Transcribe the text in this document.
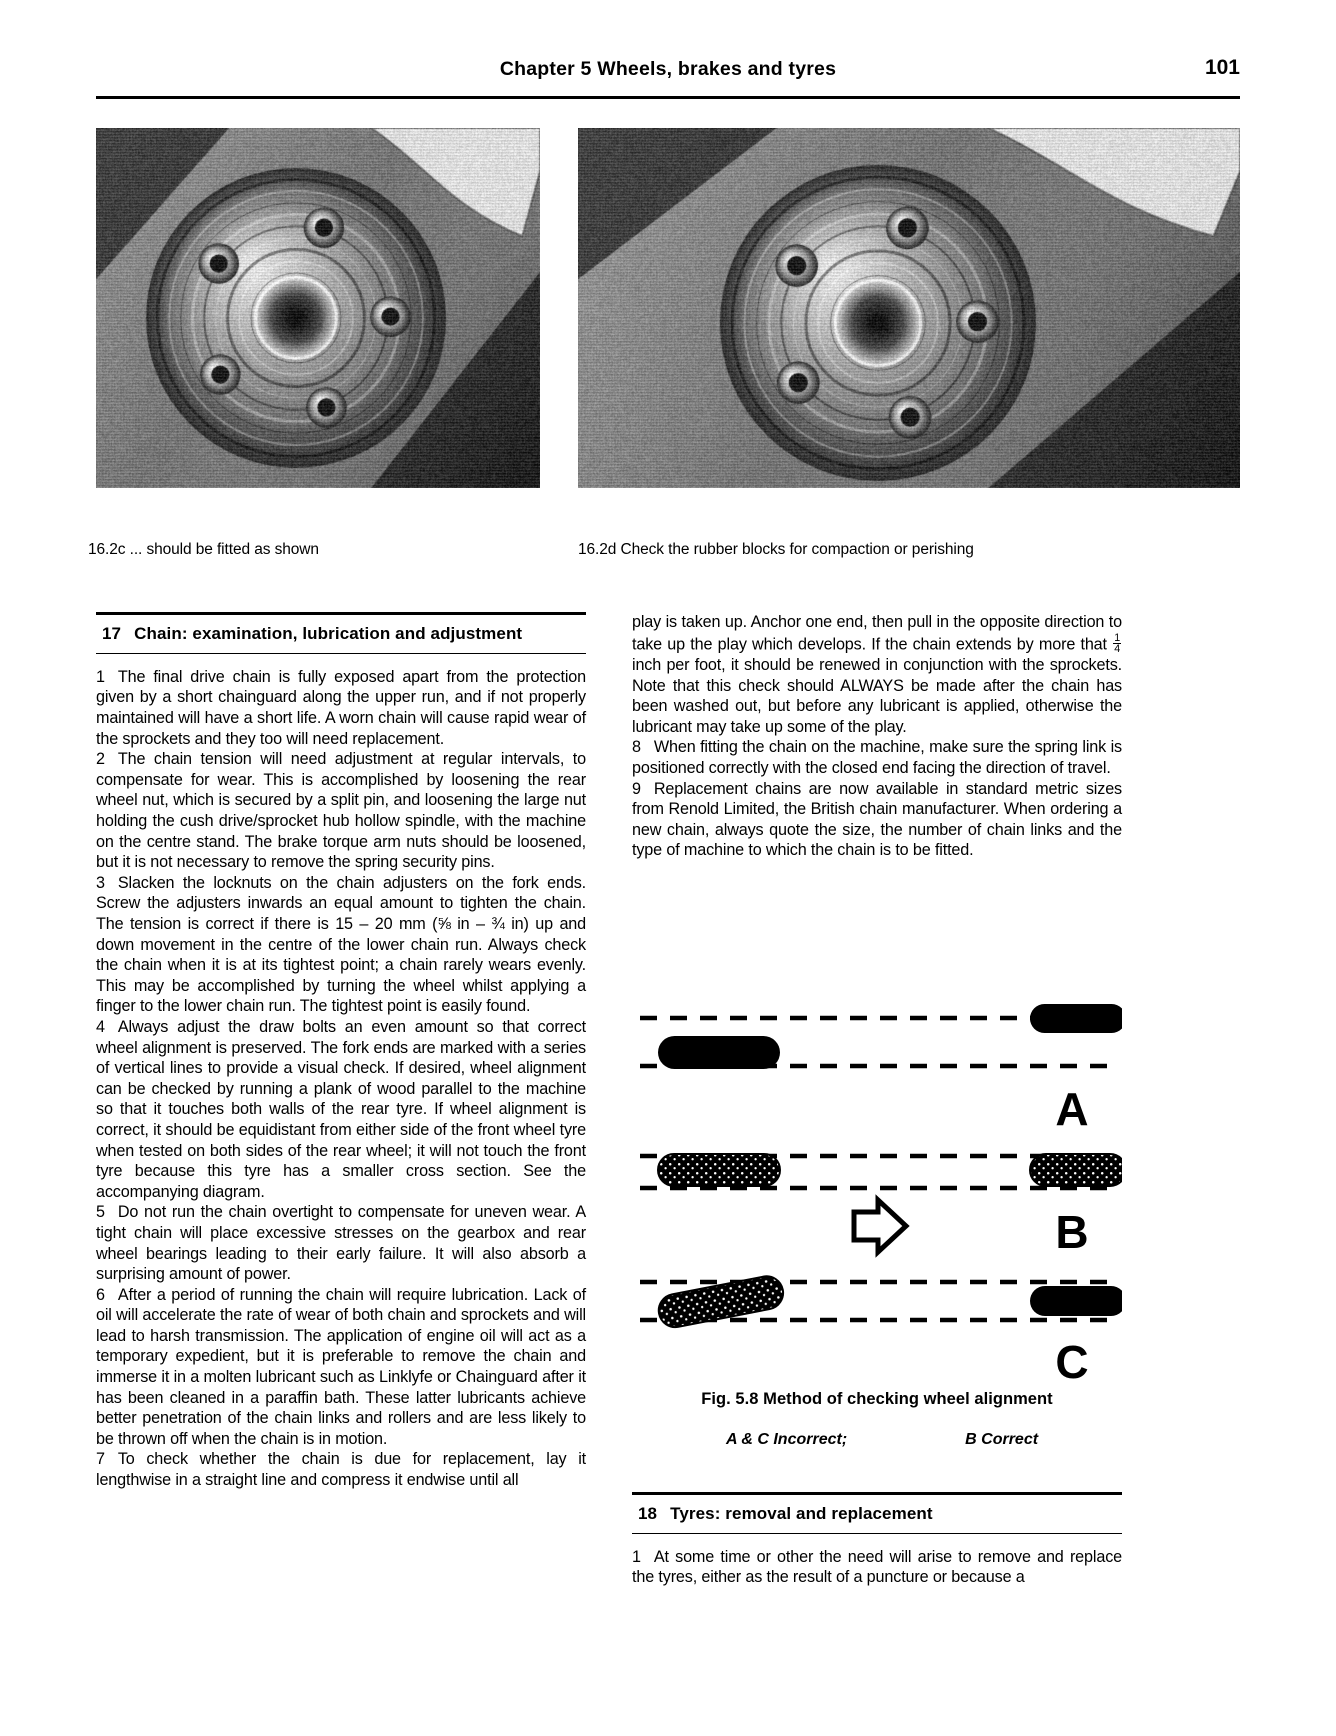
Chapter 5 Wheels, brakes and tyres	101
16.2c ... should be fitted as shown	16.2d Check the rubber blocks for compaction or perishing
17 Chain: examination, lubrication and adjustment

1 The final drive chain is fully exposed apart from the protection given by a short chainguard along the upper run, and if not properly maintained will have a short life. A worn chain will cause rapid wear of the sprockets and they too will need replacement.

2 The chain tension will need adjustment at regular intervals, to compensate for wear. This is accomplished by loosening the rear wheel nut, which is secured by a split pin, and loosening the large nut holding the cush drive/sprocket hub hollow spindle, with the machine on the centre stand. The brake torque arm nuts should be loosened, but it is not necessary to remove the spring security pins.

3 Slacken the locknuts on the chain adjusters on the fork ends. Screw the adjusters inwards an equal amount to tighten the chain. The tension is correct if there is 15 – 20 mm (⅝ in – ¾ in) up and down movement in the centre of the lower chain run. Always check the chain when it is at its tightest point; a chain rarely wears evenly. This may be accomplished by turning the wheel whilst applying a finger to the lower chain run. The tightest point is easily found.

4 Always adjust the draw bolts an even amount so that correct wheel alignment is preserved. The fork ends are marked with a series of vertical lines to provide a visual check. If desired, wheel alignment can be checked by running a plank of wood parallel to the machine so that it touches both walls of the rear tyre. If wheel alignment is correct, it should be equidistant from either side of the front wheel tyre when tested on both sides of the rear wheel; it will not touch the front tyre because this tyre has a smaller cross section. See the accompanying diagram.

5 Do not run the chain overtight to compensate for uneven wear. A tight chain will place excessive stresses on the gearbox and rear wheel bearings leading to their early failure. It will also absorb a surprising amount of power.

6 After a period of running the chain will require lubrication. Lack of oil will accelerate the rate of wear of both chain and sprockets and will lead to harsh transmission. The application of engine oil will act as a temporary expedient, but it is preferable to remove the chain and immerse it in a molten lubricant such as Linklyfe or Chainguard after it has been cleaned in a paraffin bath. These latter lubricants achieve better penetration of the chain links and rollers and are less likely to be thrown off when the chain is in motion.

7 To check whether the chain is due for replacement, lay it lengthwise in a straight line and compress it endwise until all

play is taken up. Anchor one end, then pull in the opposite direction to take up the play which develops. If the chain extends by more that $\frac{1}{4}$
inch per foot, it should be renewed in conjunction with the sprockets. Note that this check should ALWAYS be made after the chain has been washed out, but before any lubricant is applied, otherwise the lubricant may take up some of the play.

8 When fitting the chain on the machine, make sure the spring link is positioned correctly with the closed end facing the direction of travel.

9 Replacement chains are now available in standard metric sizes from Renold Limited, the British chain manufacturer. When ordering a new chain, always quote the size, the number of chain links and the type of machine to which the chain is to be fitted.

A
B
C
Fig. 5.8 Method of checking wheel alignment
A & C Incorrect;	B Correct
18 Tyres: removal and replacement

1 At some time or other the need will arise to remove and replace the tyres, either as the result of a puncture or because a
